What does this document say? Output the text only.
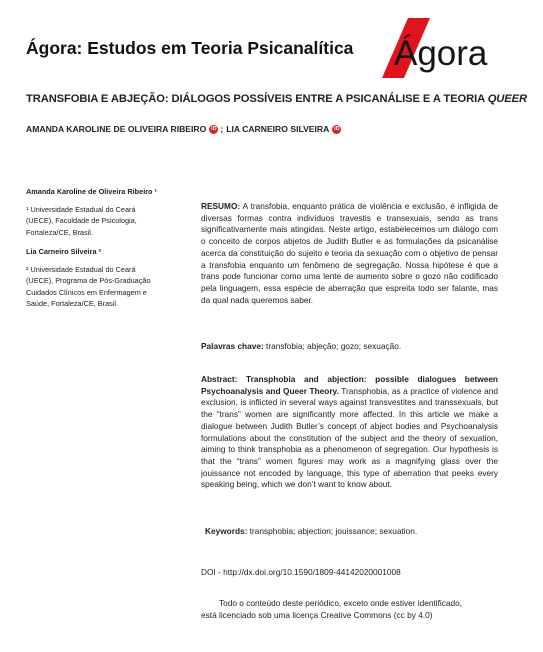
Ágora: Estudos em Teoria Psicanalítica Ágora
TRANSFOBIA E ABJEÇÃO: DIÁLOGOS POSSÍVEIS ENTRE A PSICANÁLISE E A TEORIA QUEER
AMANDA KAROLINE DE OLIVEIRA RIBEIRO iD ; LIA CARNEIRO SILVEIRA iD

Amanda Karoline de Oliveira Ribeiro ¹

¹ Universidade Estadual do Ceará

(UECE), Faculdade de Psicologia,

Fortaleza/CE, Brasil.

Lia Carneiro Silveira ²

² Universidade Estadual do Ceará

(UECE), Programa de Pós-Graduação

Cuidados Clínicos em Enfermagem e

Saúde, Fortaleza/CE, Brasil.

RESUMO: A transfobia, enquanto prática de violência e exclusão, é infligida de diversas formas contra indivíduos travestis e transexuais, sendo as trans significativamente mais atingidas. Neste artigo, estabelecemos um diálogo com o conceito de corpos abjetos de Judith Butler e as formulações da psicanálise acerca da constituição do sujeito e teoria da sexuação com o objetivo de pensar a transfobia enquanto um fenômeno de segregação. Nossa hipótese é que a trans pode funcionar como uma lente de aumento sobre o gozo não codificado pela linguagem, essa espécie de aberração que espreita todo ser falante, mas da qual nada queremos saber.

Palavras chave: transfobia; abjeção; gozo; sexuação.

Abstract: Transphobia and abjection: possible dialogues between Psychoanalysis and Queer Theory. Transphobia, as a practice of violence and exclusion, is inflicted in several ways against transvestites and transsexuals, but the “trans” women are significantly more affected. In this article we make a dialogue between Judith Butler’s concept of abject bodies and Psychoanalysis formulations about the constitution of the subject and the theory of sexuation, aiming to think transphobia as a phenomenon of segregation. Our hypothesis is that the “trans” women figures may work as a magnifying glass over the jouissance not encoded by language, this type of aberration that peeks every speaking being, which we don’t want to know about.

Keywords: transphobia; abjection; jouissance; sexuation.

DOI - http://dx.doi.org/10.1590/1809-44142020001008

Todo o conteúdo deste periódico, exceto onde estiver identificado,

está licenciado sob uma licença Creative Commons (cc by 4.0)
